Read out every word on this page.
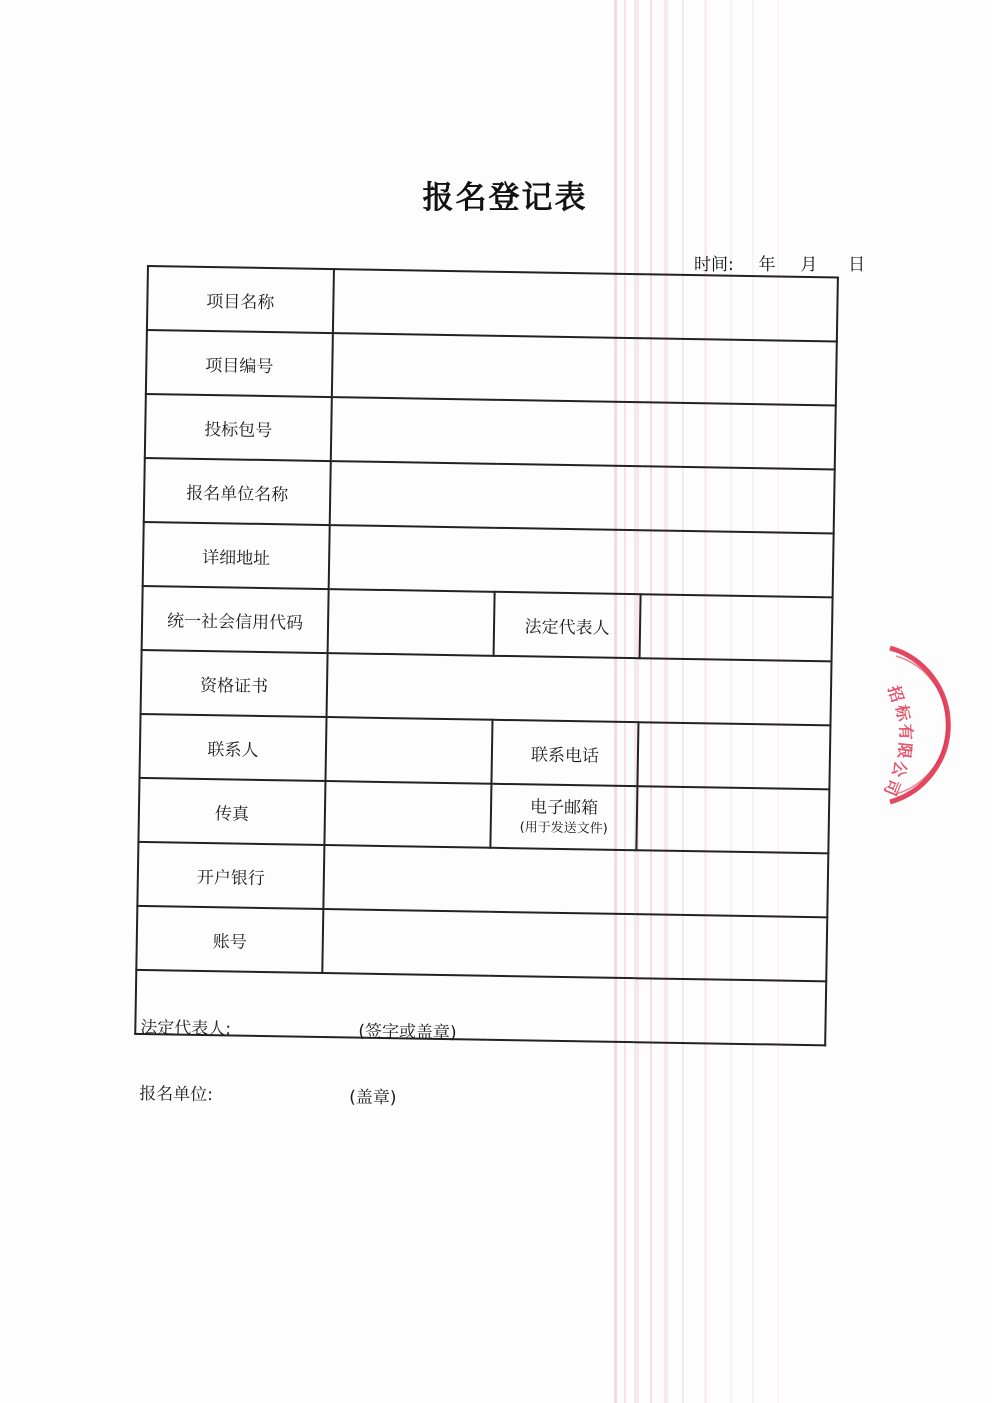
报名登记表
时间: 年 月 日
项目名称			
项目编号			
投标包号			
报名单位名称			
详细地址			
统一社会信用代码		法定代表人	
资格证书			
联系人		联系电话	
传真		电子邮箱
(用于发送文件)	

开户银行			
账号			

法定代表人: (签字或盖章)
报名单位: (盖章)			
招
标
有
限
公
司
